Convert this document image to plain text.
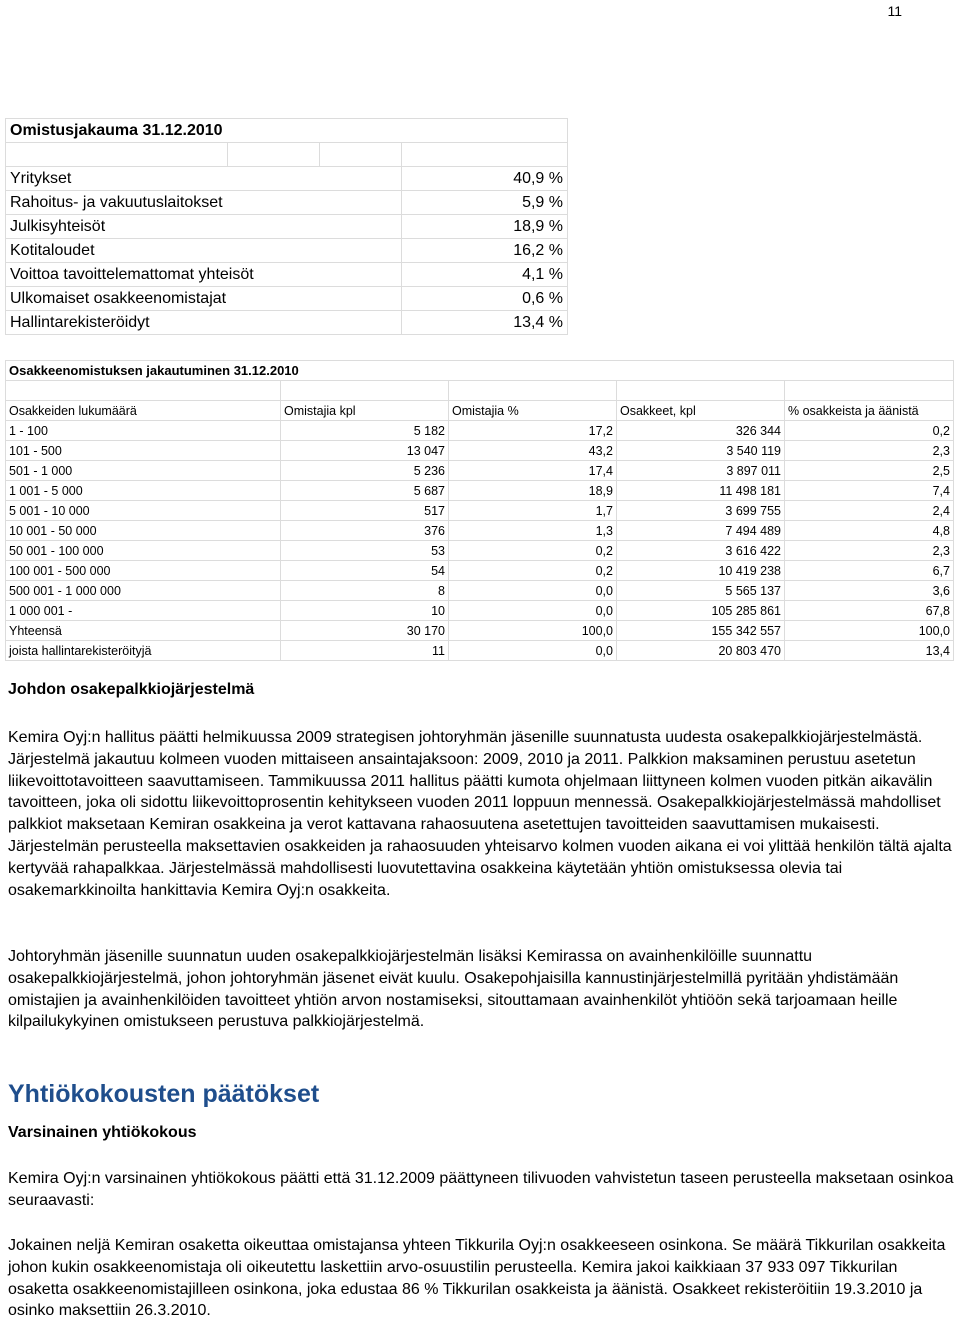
11
Omistusjakauma 31.12.2010			

Yritykset			40,9 %
Rahoitus- ja vakuutuslaitokset			5,9 %
Julkisyhteisöt			18,9 %
Kotitaloudet			16,2 %
Voittoa tavoittelemattomat yhteisöt			4,1 %
Ulkomaiset osakkeenomistajat			0,6 %
Hallintarekisteröidyt			13,4 %
Osakkeenomistuksen jakautuminen 31.12.2010				

Osakkeiden lukumäärä	Omistajia kpl	Omistajia %	Osakkeet, kpl	% osakkeista ja äänistä
1 - 100	5 182	17,2	326 344	0,2
101 - 500	13 047	43,2	3 540 119	2,3
501 - 1 000	5 236	17,4	3 897 011	2,5
1 001 - 5 000	5 687	18,9	11 498 181	7,4
5 001 - 10 000	517	1,7	3 699 755	2,4
10 001 - 50 000	376	1,3	7 494 489	4,8
50 001 - 100 000	53	0,2	3 616 422	2,3
100 001 - 500 000	54	0,2	10 419 238	6,7
500 001 - 1 000 000	8	0,0	5 565 137	3,6
1 000 001 -	10	0,0	105 285 861	67,8
Yhteensä	30 170	100,0	155 342 557	100,0
joista hallintarekisteröityjä	11	0,0	20 803 470	13,4
Johdon osakepalkkiojärjestelmä

Kemira Oyj:n hallitus päätti helmikuussa 2009 strategisen johtoryhmän jäsenille suunnatusta uudesta osakepalkkiojärjestelmästä. Järjestelmä jakautuu kolmeen vuoden mittaiseen ansaintajaksoon: 2009, 2010 ja 2011. Palkkion maksaminen perustuu asetetun liikevoittotavoitteen saavuttamiseen. Tammikuussa 2011 hallitus päätti kumota ohjelmaan liittyneen kolmen vuoden pitkän aikavälin tavoitteen, joka oli sidottu liikevoittoprosentin kehitykseen vuoden 2011 loppuun mennessä. Osakepalkkiojärjestelmässä mahdolliset palkkiot maksetaan Kemiran osakkeina ja verot kattavana rahaosuutena asetettujen tavoitteiden saavuttamisen mukaisesti. Järjestelmän perusteella maksettavien osakkeiden ja rahaosuuden yhteisarvo kolmen vuoden aikana ei voi ylittää henkilön tältä ajalta kertyvää rahapalkkaa. Järjestelmässä mahdollisesti luovutettavina osakkeina käytetään yhtiön omistuksessa olevia tai osakemarkkinoilta hankittavia Kemira Oyj:n osakkeita.

Johtoryhmän jäsenille suunnatun uuden osakepalkkiojärjestelmän lisäksi Kemirassa on avainhenkilöille suunnattu osakepalkkiojärjestelmä, johon johtoryhmän jäsenet eivät kuulu. Osakepohjaisilla kannustinjärjestelmillä pyritään yhdistämään omistajien ja avainhenkilöiden tavoitteet yhtiön arvon nostamiseksi, sitouttamaan avainhenkilöt yhtiöön sekä tarjoamaan heille kilpailukykyinen omistukseen perustuva palkkiojärjestelmä.

Yhtiökokousten päätökset
Varsinainen yhtiökokous

Kemira Oyj:n varsinainen yhtiökokous päätti että 31.12.2009 päättyneen tilivuoden vahvistetun taseen perusteella maksetaan osinkoa seuraavasti:

Jokainen neljä Kemiran osaketta oikeuttaa omistajansa yhteen Tikkurila Oyj:n osakkeeseen osinkona. Se määrä Tikkurilan osakkeita johon kukin osakkeenomistaja oli oikeutettu laskettiin arvo-osuustilin perusteella. Kemira jakoi kaikkiaan 37 933 097 Tikkurilan osaketta osakkeenomistajilleen osinkona, joka edustaa 86 % Tikkurilan osakkeista ja äänistä. Osakkeet rekisteröitiin 19.3.2010 ja osinko maksettiin 26.3.2010.
